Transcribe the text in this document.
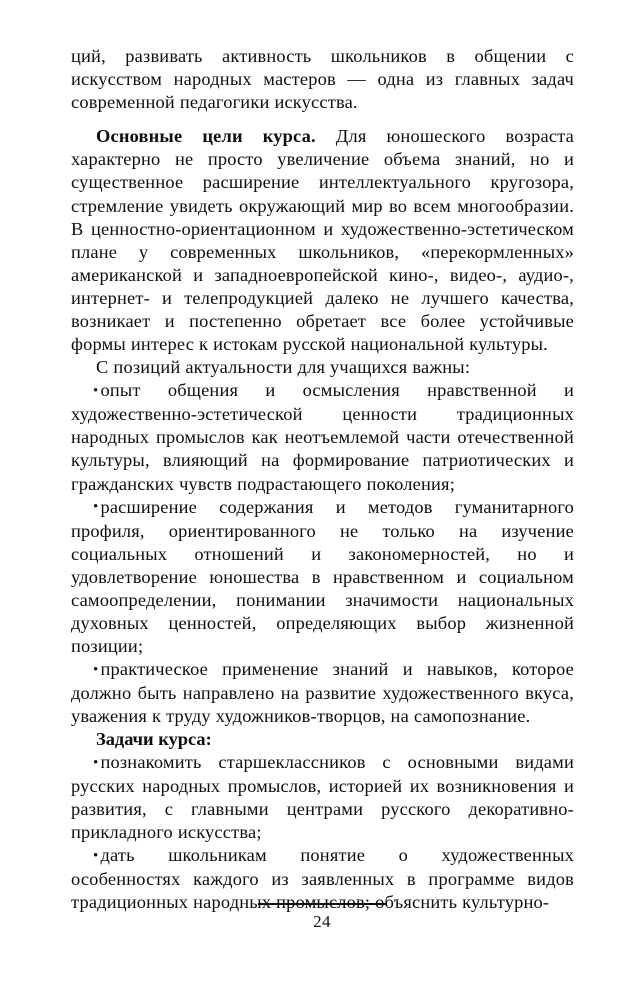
ций, развивать активность школьников в общении с искусством народных мастеров — одна из главных задач современной педагогики искусства.

Основные цели курса. Для юношеского возраста характерно не просто увеличение объема знаний, но и существенное расширение интеллектуального кругозора, стремление увидеть окружающий мир во всем многообразии. В ценностно-ориентационном и художественно-эстетическом плане у современных школьников, «перекормленных» американской и западноевропейской кино-, видео-, аудио-, интернет- и телепродукцией далеко не лучшего качества, возникает и постепенно обретает все более устойчивые формы интерес к истокам русской национальной культуры.

С позиций актуальности для учащихся важны:

• опыт общения и осмысления нравственной и художественно-эстетической ценности традиционных народных промыслов как неотъемлемой части отечественной культуры, влияющий на формирование патриотических и гражданских чувств подрастающего поколения;

• расширение содержания и методов гуманитарного профиля, ориентированного не только на изучение социальных отношений и закономерностей, но и удовлетворение юношества в нравственном и социальном самоопределении, понимании значимости национальных духовных ценностей, определяющих выбор жизненной позиции;

• практическое применение знаний и навыков, которое должно быть направлено на развитие художественного вкуса, уважения к труду художников-творцов, на самопознание.

Задачи курса:

• познакомить старшеклассников с основными видами русских народных промыслов, историей их возникновения и развития, с главными центрами русского декоративно-прикладного искусства;

• дать школьникам понятие о художественных особенностях каждого из заявленных в программе видов традиционных народных промыслов; объяснить культурно-

24
